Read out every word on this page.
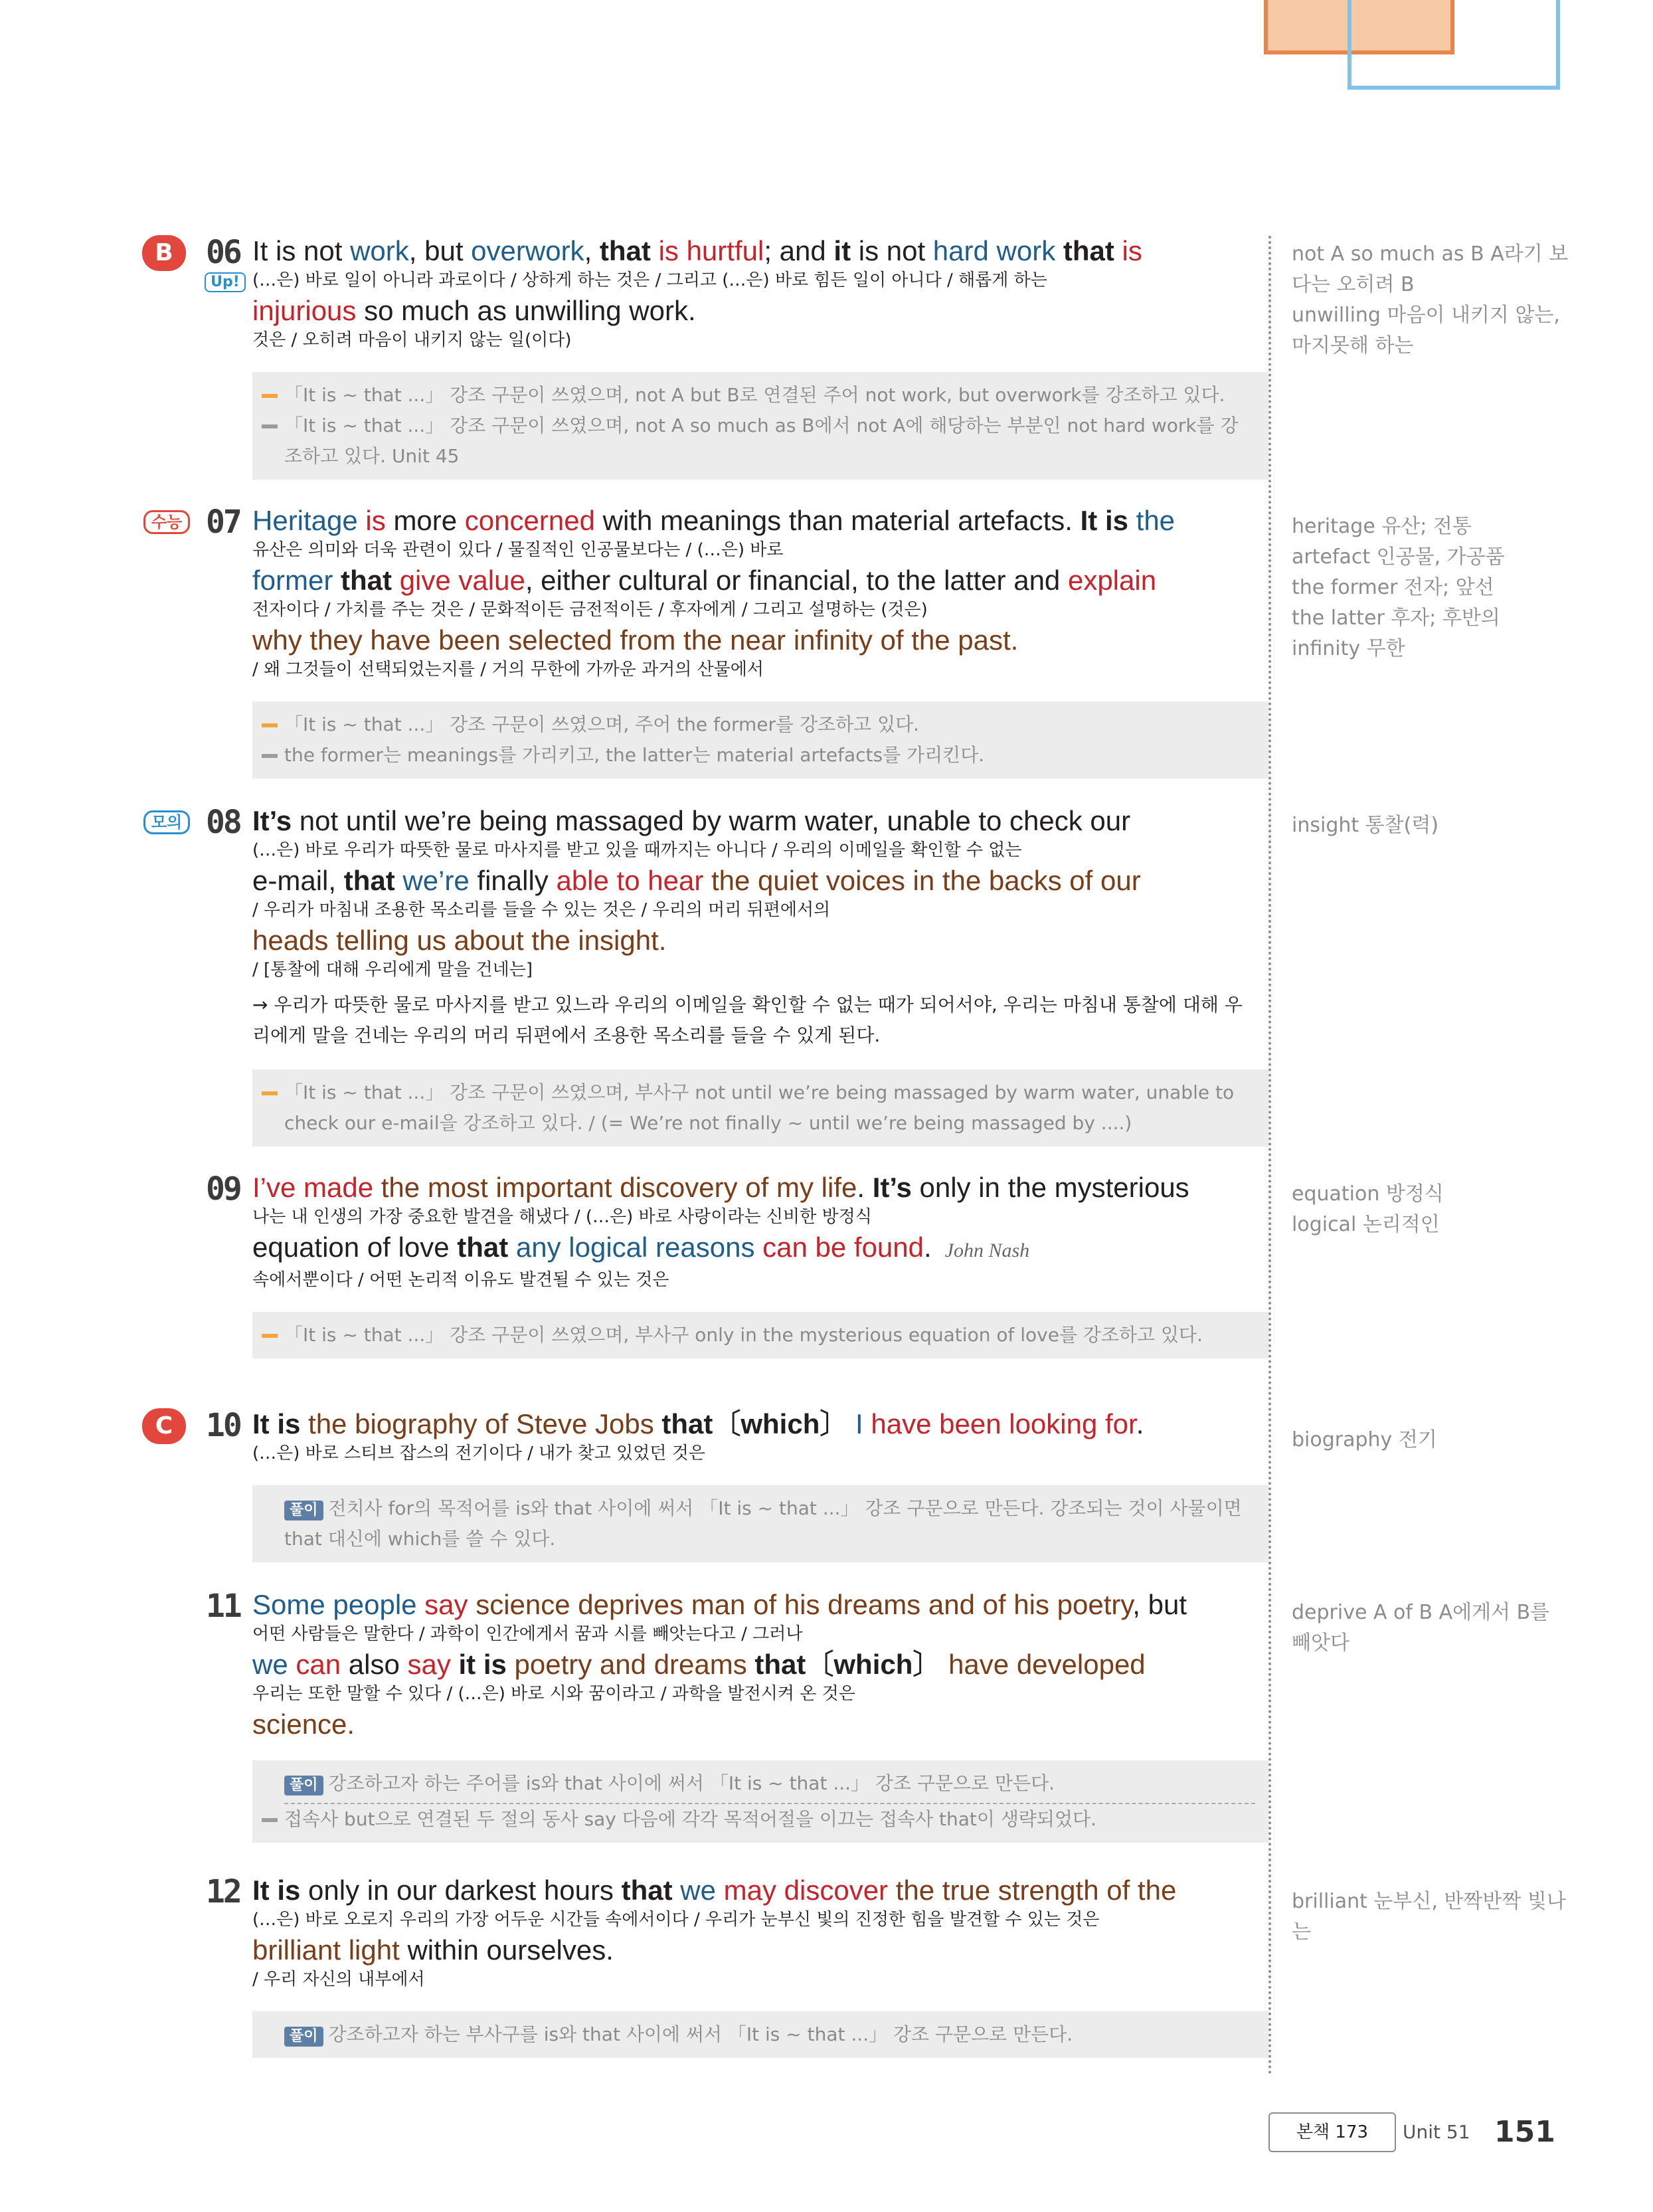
06
B
Up!
It is not work, but overwork, that is hurtful; and it is not hard work that is
(…은) 바로 일이 아니라 과로이다 / 상하게 하는 것은 / 그리고 (…은) 바로 힘든 일이 아니다 / 해롭게 하는
injurious so much as unwilling work.
것은 / 오히려 마음이 내키지 않는 일(이다)

「It is ~ that ...」 강조 구문이 쓰였으며, not A but B로 연결된 주어 not work, but overwork를 강조하고 있다.

「It is ~ that ...」 강조 구문이 쓰였으며, not A so much as B에서 not A에 해당하는 부분인 not hard work를 강조하고 있다. Unit 45

07
수능	Heritage is more concerned with meanings than material artefacts. It is the
유산은 의미와 더욱 관련이 있다 / 물질적인 인공물보다는 / (…은) 바로
former that give value, either cultural or financial, to the latter and explain
전자이다 / 가치를 주는 것은 / 문화적이든 금전적이든 / 후자에게 / 그리고 설명하는 (것은)
why they have been selected from the near infinity of the past.
/ 왜 그것들이 선택되었는지를 / 거의 무한에 가까운 과거의 산물에서

「It is ~ that ...」 강조 구문이 쓰였으며, 주어 the former를 강조하고 있다.

the former는 meanings를 가리키고, the latter는 material artefacts를 가리킨다.

08
모의	It’s not until we’re being massaged by warm water, unable to check our
(…은) 바로 우리가 따뜻한 물로 마사지를 받고 있을 때까지는 아니다 / 우리의 이메일을 확인할 수 없는
e-mail, that we’re finally able to hear the quiet voices in the backs of our
/ 우리가 마침내 조용한 목소리를 들을 수 있는 것은 / 우리의 머리 뒤편에서의
heads telling us about the insight.
/ [통찰에 대해 우리에게 말을 건네는]
→ 우리가 따뜻한 물로 마사지를 받고 있느라 우리의 이메일을 확인할 수 없는 때가 되어서야, 우리는 마침내 통찰에 대해 우리에게 말을 건네는 우리의 머리 뒤편에서 조용한 목소리를 들을 수 있게 된다.

「It is ~ that ...」 강조 구문이 쓰였으며, 부사구 not until we’re being massaged by warm water, unable to check our e-mail을 강조하고 있다. / (= We’re not finally ~ until we’re being massaged by ....)

09 I’ve made the most important discovery of my life. It’s only in the mysterious
나는 내 인생의 가장 중요한 발견을 해냈다 / (…은) 바로 사랑이라는 신비한 방정식
equation of love that any logical reasons can be found. John Nash
속에서뿐이다 / 어떤 논리적 이유도 발견될 수 있는 것은

「It is ~ that ...」 강조 구문이 쓰였으며, 부사구 only in the mysterious equation of love를 강조하고 있다.

10
C	It is the biography of Steve Jobs that〔which〕 I have been looking for.
(…은) 바로 스티브 잡스의 전기이다 / 내가 찾고 있었던 것은

풀이 전치사 for의 목적어를 is와 that 사이에 써서 「It is ~ that ...」 강조 구문으로 만든다. 강조되는 것이 사물이면 that 대신에 which를 쓸 수 있다.

11 Some people say science deprives man of his dreams and of his poetry, but
어떤 사람들은 말한다 / 과학이 인간에게서 꿈과 시를 빼앗는다고 / 그러나
we can also say it is poetry and dreams that〔which〕 have developed
우리는 또한 말할 수 있다 / (…은) 바로 시와 꿈이라고 / 과학을 발전시켜 온 것은
science.

풀이 강조하고자 하는 주어를 is와 that 사이에 써서 「It is ~ that ...」 강조 구문으로 만든다.

접속사 but으로 연결된 두 절의 동사 say 다음에 각각 목적어절을 이끄는 접속사 that이 생략되었다.

12 It is only in our darkest hours that we may discover the true strength of the
(…은) 바로 오로지 우리의 가장 어두운 시간들 속에서이다 / 우리가 눈부신 빛의 진정한 힘을 발견할 수 있는 것은
brilliant light within ourselves.
/ 우리 자신의 내부에서

풀이 강조하고자 하는 부사구를 is와 that 사이에 써서 「It is ~ that ...」 강조 구문으로 만든다.

본책 173	Unit 51 151
not A so much as B A라기 보다는 오히려 B
unwilling 마음이 내키지 않는, 마지못해 하는
heritage 유산; 전통
artefact 인공물, 가공품
the former 전자; 앞선
the latter 후자; 후반의
infinity 무한
insight 통찰(력)
equation 방정식
logical 논리적인
biography 전기
deprive A of B A에게서 B를 빼앗다
brilliant 눈부신, 반짝반짝 빛나는
